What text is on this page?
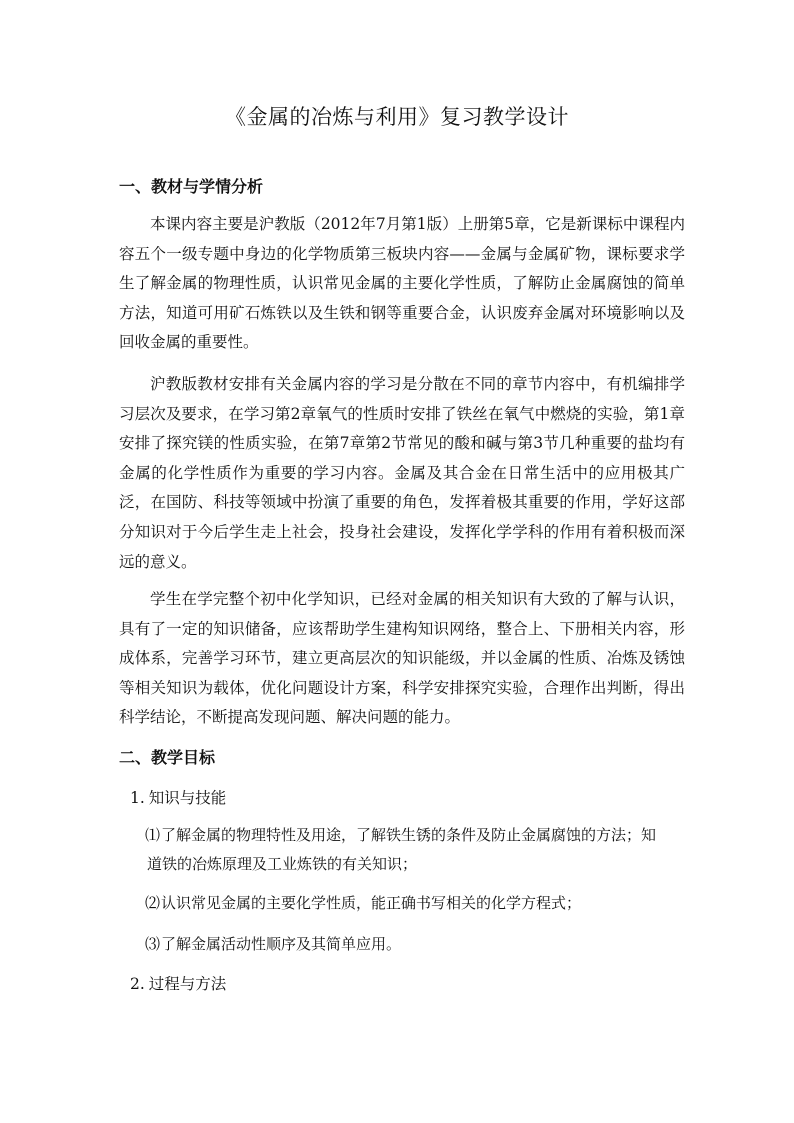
《金属的冶炼与利用》复习教学设计
一、教材与学情分析

本课内容主要是沪教版（2012年7月第1版）上册第5章，它是新课标中课程内容五个一级专题中身边的化学物质第三板块内容——金属与金属矿物，课标要求学生了解金属的物理性质，认识常见金属的主要化学性质，了解防止金属腐蚀的简单方法，知道可用矿石炼铁以及生铁和钢等重要合金，认识废弃金属对环境影响以及回收金属的重要性。

沪教版教材安排有关金属内容的学习是分散在不同的章节内容中，有机编排学习层次及要求，在学习第2章氧气的性质时安排了铁丝在氧气中燃烧的实验，第1章安排了探究镁的性质实验，在第7章第2节常见的酸和碱与第3节几种重要的盐均有金属的化学性质作为重要的学习内容。金属及其合金在日常生活中的应用极其广泛，在国防、科技等领域中扮演了重要的角色，发挥着极其重要的作用，学好这部分知识对于今后学生走上社会，投身社会建设，发挥化学学科的作用有着积极而深远的意义。

学生在学完整个初中化学知识，已经对金属的相关知识有大致的了解与认识，具有了一定的知识储备，应该帮助学生建构知识网络，整合上、下册相关内容，形成体系，完善学习环节，建立更高层次的知识能级，并以金属的性质、冶炼及锈蚀等相关知识为载体，优化问题设计方案，科学安排探究实验，合理作出判断，得出科学结论，不断提高发现问题、解决问题的能力。

二、教学目标
1. 知识与技能
⑴了解金属的物理特性及用途，了解铁生锈的条件及防止金属腐蚀的方法；知
道铁的冶炼原理及工业炼铁的有关知识；
⑵认识常见金属的主要化学性质，能正确书写相关的化学方程式；
⑶了解金属活动性顺序及其简单应用。
2. 过程与方法
